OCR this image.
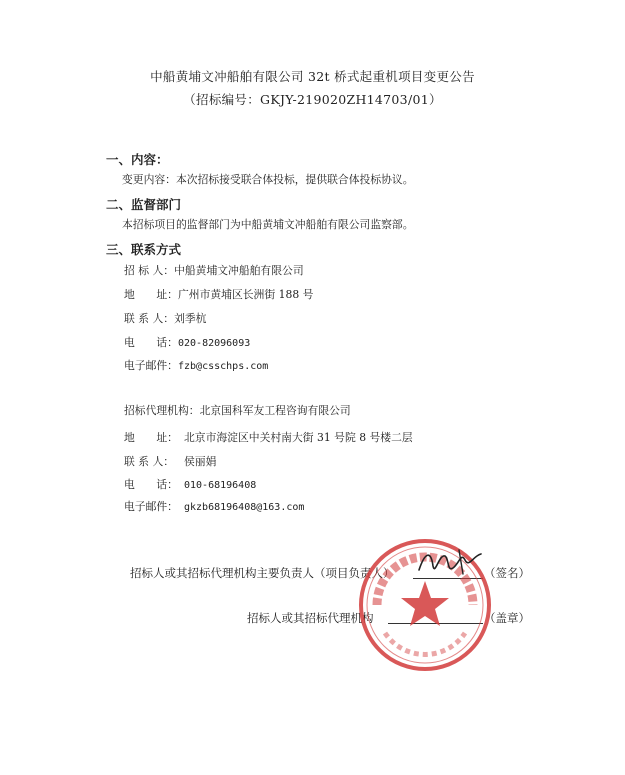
中船黄埔文冲船舶有限公司 32t 桥式起重机项目变更公告
（招标编号：GKJY-219020ZH14703/01）
一、内容：
变更内容：本次招标接受联合体投标，提供联合体投标协议。
二、监督部门
本招标项目的监督部门为中船黄埔文冲船舶有限公司监察部。
三、联系方式
招 标 人：中船黄埔文冲船舶有限公司
地　　址：广州市黄埔区长洲街 188 号
联 系 人：刘季杭
电　　话：020-82096093
电子邮件：fzb@csschps.com
招标代理机构：北京国科军友工程咨询有限公司
地　　址： 北京市海淀区中关村南大街 31 号院 8 号楼二层
联 系 人： 侯丽娟
电　　话： 010-68196408
电子邮件： gkzb68196408@163.com
招标人或其招标代理机构主要负责人（项目负责人）	（签名）
招标人或其招标代理机构	（盖章）
